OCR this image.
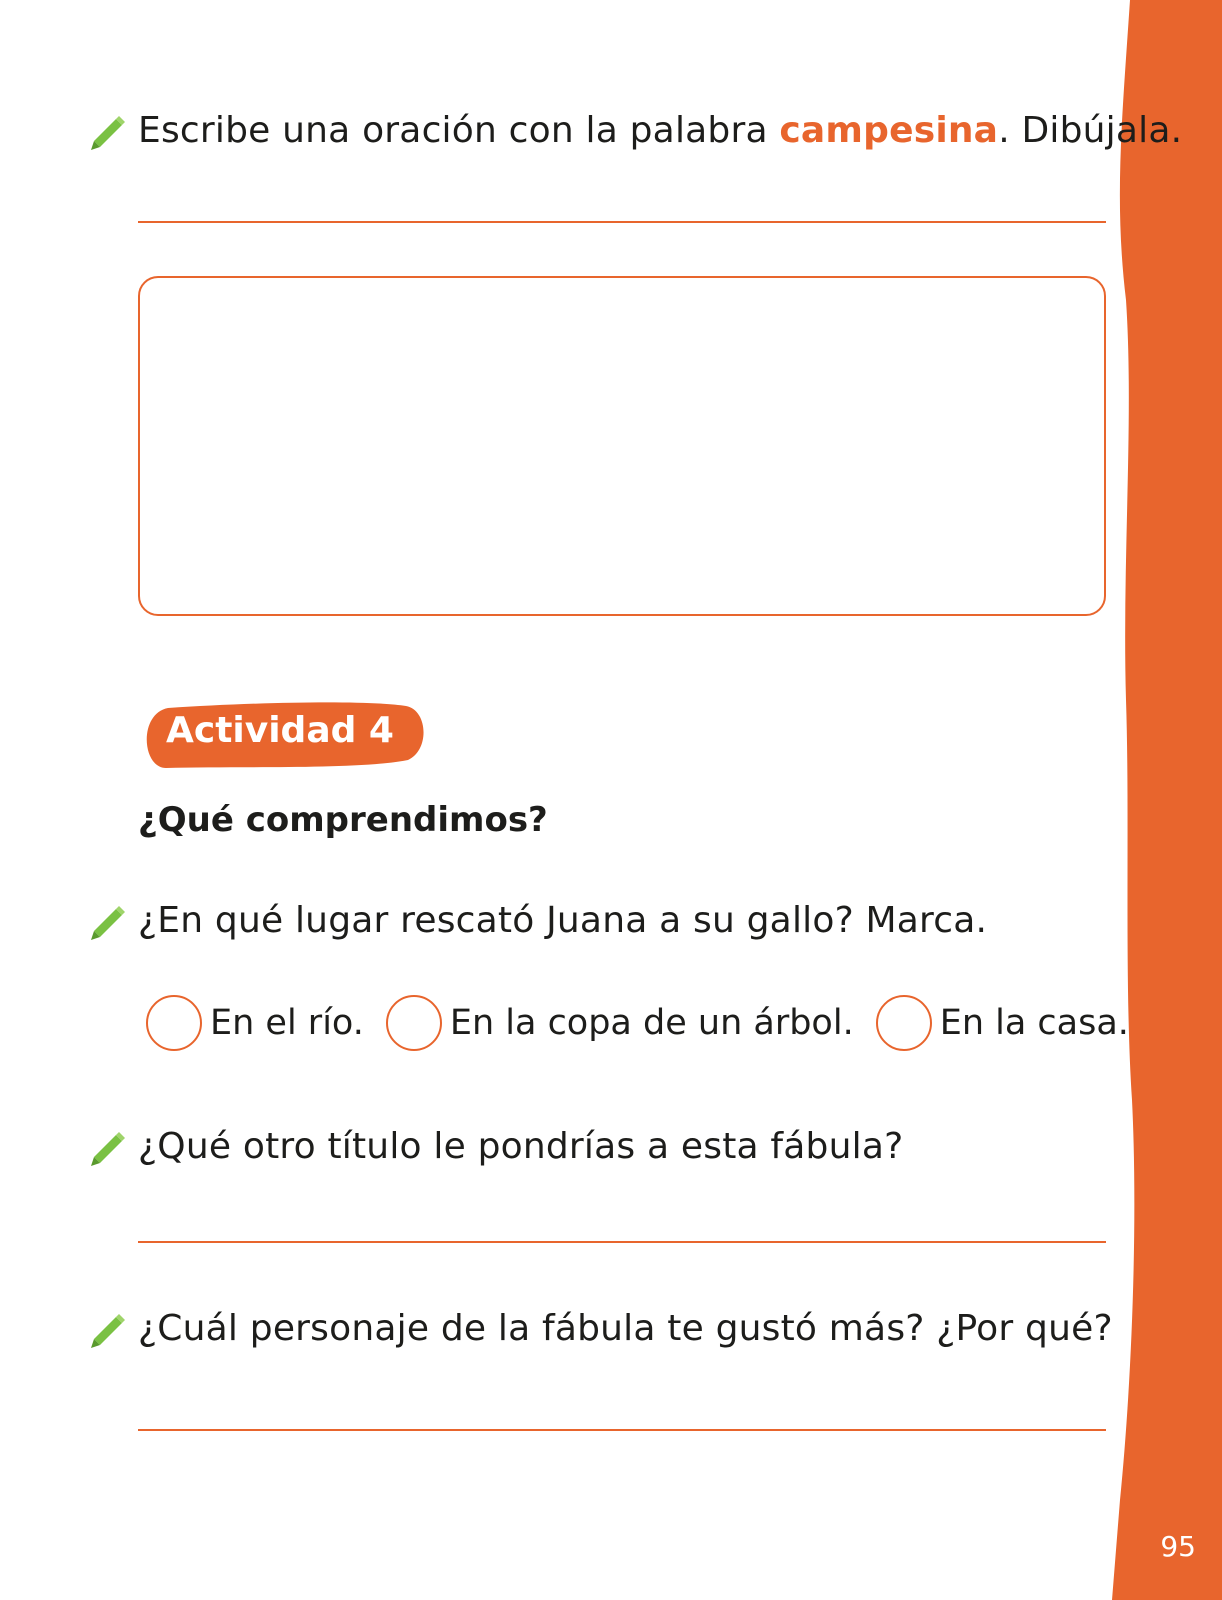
95
Escribe una oración con la palabra campesina. Dibújala.
Actividad 4
¿Qué comprendimos?
¿En qué lugar rescató Juana a su gallo? Marca.
En el río. En la copa de un árbol. En la casa.
¿Qué otro título le pondrías a esta fábula?
¿Cuál personaje de la fábula te gustó más? ¿Por qué?
